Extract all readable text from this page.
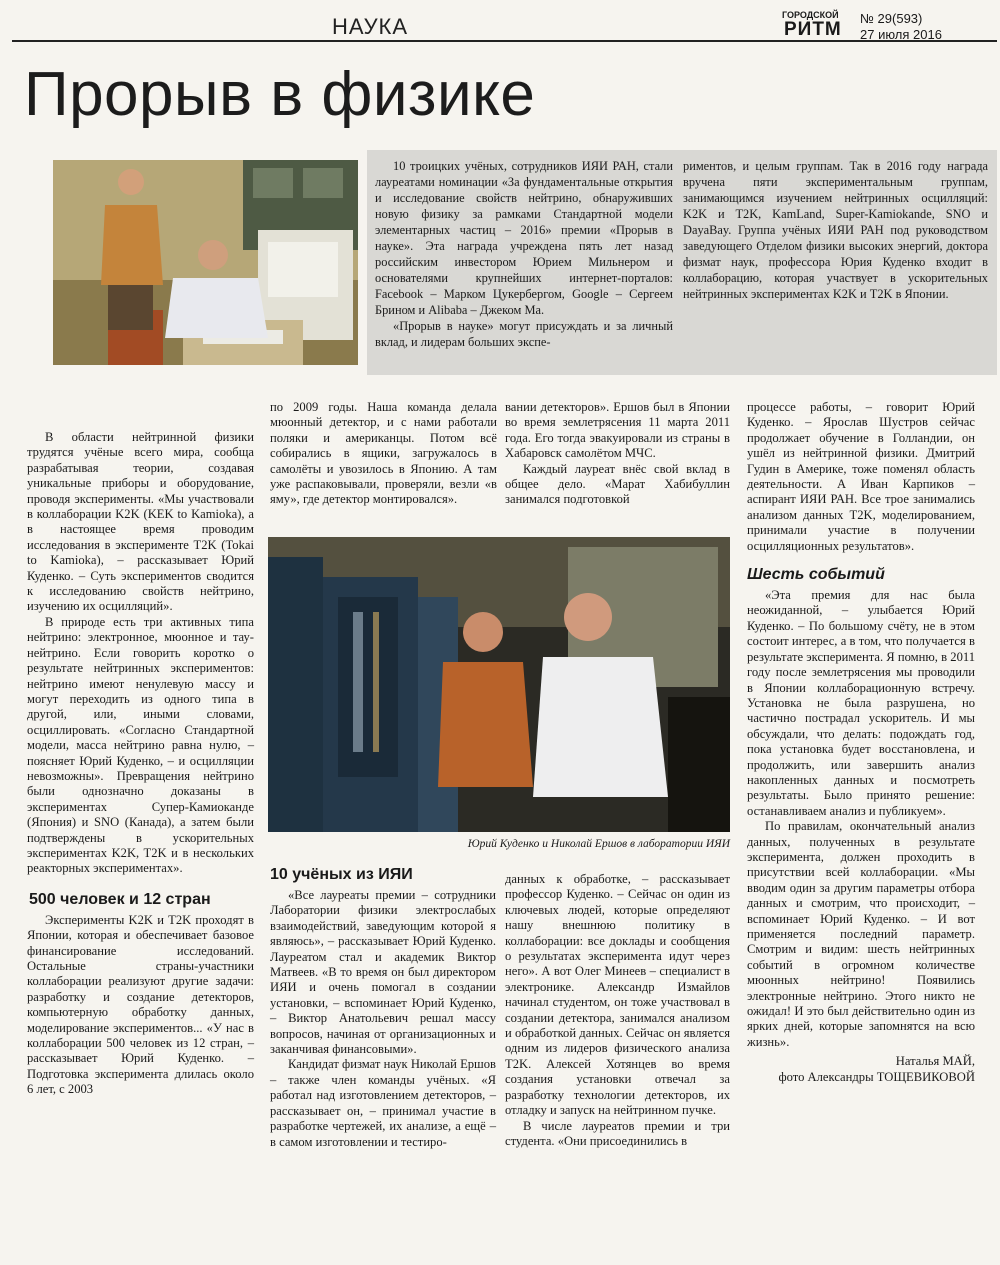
НАУКА	ГОРОДСКОЙ
РИТМ
№ 29(593)
27 июля 2016
Прорыв в физике

10 троицких учёных, сотрудников ИЯИ РАН, стали лауреатами номинации «За фундаментальные открытия и исследование свойств нейтрино, обнаруживших новую физику за рамками Стандартной модели элементарных частиц – 2016» премии «Прорыв в науке». Эта награда учреждена пять лет назад российским инвестором Юрием Мильнером и основателями крупнейших интернет-порталов: Facebook – Марком Цукербергом, Google – Сергеем Брином и Alibaba – Джеком Ма.

«Прорыв в науке» могут присуждать и за личный вклад, и лидерам больших экспе-

риментов, и целым группам. Так в 2016 году награда вручена пяти экспериментальным группам, занимающимся изучением нейтринных осцилляций: K2K и T2K, KamLand, Super-Kamiokande, SNO и DayaBay. Группа учёных ИЯИ РАН под руководством заведующего Отделом физики высоких энергий, доктора физмат наук, профессора Юрия Куденко входит в коллаборацию, которая участвует в ускорительных нейтринных экспериментах K2K и T2K в Японии.

В области нейтринной физики трудятся учёные всего мира, сообща разрабатывая теории, создавая уникальные приборы и оборудование, проводя эксперименты. «Мы участвовали в коллаборации K2K (KEK to Kamioka), а в настоящее время проводим исследования в эксперименте T2K (Tokai to Kamioka), – рассказывает Юрий Куденко. – Суть экспериментов сводится к исследованию свойств нейтрино, изучению их осцилляций».

В природе есть три активных типа нейтрино: электронное, мюонное и тау-нейтрино. Если говорить коротко о результате нейтринных экспериментов: нейтрино имеют ненулевую массу и могут переходить из одного типа в другой, или, иными словами, осциллировать. «Согласно Стандартной модели, масса нейтрино равна нулю, – поясняет Юрий Куденко, – и осцилляции невозможны». Превращения нейтрино были однозначно доказаны в экспериментах Супер-Камиоканде (Япония) и SNO (Канада), а затем были подтверждены в ускорительных экспериментах K2K, T2K и в нескольких реакторных экспериментах».

500 человек и 12 стран

Эксперименты K2K и T2K проходят в Японии, которая и обеспечивает базовое финансирование исследований. Остальные страны-участники коллаборации реализуют другие задачи: разработку и создание детекторов, компьютерную обработку данных, моделирование экспериментов... «У нас в коллаборации 500 человек из 12 стран, – рассказывает Юрий Куденко. – Подготовка эксперимента длилась около 6 лет, с 2003

по 2009 годы. Наша команда делала мюонный детектор, и с нами работали поляки и американцы. Потом всё собирались в ящики, загружалось в самолёты и увозилось в Японию. А там уже распаковывали, проверяли, везли «в яму», где детектор монтировался».

вании детекторов». Ершов был в Японии во время землетрясения 11 марта 2011 года. Его тогда эвакуировали из страны в Хабаровск самолётом МЧС.

Каждый лауреат внёс свой вклад в общее дело. «Марат Хабибуллин занимался подготовкой

Юрий Куденко и Николай Ершов в лаборатории ИЯИ
10 учёных из ИЯИ

«Все лауреаты премии – сотрудники Лаборатории физики электрослабых взаимодействий, заведующим которой я являюсь», – рассказывает Юрий Куденко. Лауреатом стал и академик Виктор Матвеев. «В то время он был директором ИЯИ и очень помогал в создании установки, – вспоминает Юрий Куденко, – Виктор Анатольевич решал массу вопросов, начиная от организационных и заканчивая финансовыми».

Кандидат физмат наук Николай Ершов – также член команды учёных. «Я работал над изготовлением детекторов, – рассказывает он, – принимал участие в разработке чертежей, их анализе, а ещё – в самом изготовлении и тестиро-

данных к обработке, – рассказывает профессор Куденко. – Сейчас он один из ключевых людей, которые определяют нашу внешнюю политику в коллаборации: все доклады и сообщения о результатах эксперимента идут через него». А вот Олег Минеев – специалист в электронике. Александр Измайлов начинал студентом, он тоже участвовал в создании детектора, занимался анализом и обработкой данных. Сейчас он является одним из лидеров физического анализа T2K. Алексей Хотянцев во время создания установки отвечал за разработку технологии детекторов, их отладку и запуск на нейтринном пучке.

В числе лауреатов премии и три студента. «Они присоединились в

процессе работы, – говорит Юрий Куденко. – Ярослав Шустров сейчас продолжает обучение в Голландии, он ушёл из нейтринной физики. Дмитрий Гудин в Америке, тоже поменял область деятельности. А Иван Карпиков – аспирант ИЯИ РАН. Все трое занимались анализом данных T2K, моделированием, принимали участие в получении осцилляционных результатов».

Шесть событий

«Эта премия для нас была неожиданной, – улыбается Юрий Куденко. – По большому счёту, не в этом состоит интерес, а в том, что получается в результате эксперимента. Я помню, в 2011 году после землетрясения мы проводили в Японии коллаборационную встречу. Установка не была разрушена, но частично пострадал ускоритель. И мы обсуждали, что делать: подождать год, пока установка будет восстановлена, и продолжить, или завершить анализ накопленных данных и посмотреть результаты. Было принято решение: останавливаем анализ и публикуем».

По правилам, окончательный анализ данных, полученных в результате эксперимента, должен проходить в присутствии всей коллаборации. «Мы вводим один за другим параметры отбора данных и смотрим, что происходит, – вспоминает Юрий Куденко. – И вот применяется последний параметр. Смотрим и видим: шесть нейтринных событий в огромном количестве мюонных нейтрино! Появились электронные нейтрино. Этого никто не ожидал! И это был действительно один из ярких дней, которые запомнятся на всю жизнь».

Наталья МАЙ,
фото Александры ТОЩЕВИКОВОЙ
